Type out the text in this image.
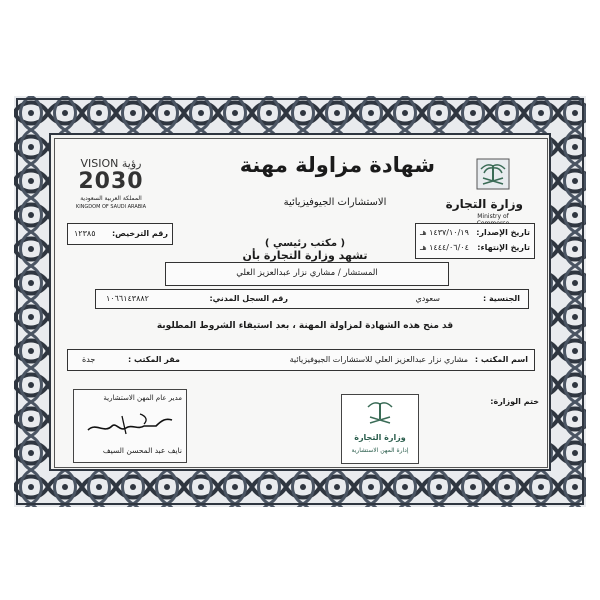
وزارة التجارة
Ministry of
VISION رؤية
2030
المملكة العربية السعودية
KINGDOM OF SAUDI ARABIA
شهادة مزاولة مهنة
الاستشارات الجيوفيزيائية
تاريخ الإصدار:
١٤٣٧/١٠/١٩ هـ
تاريخ الإنتهاء:
١٤٤٤/٠٦/٠٤ هـ
رقم الترخيص:
١٢٣٨٥
( مكتب رئيسي )
تشهد وزارة التجارة بأن
المستشار / مشاري نزار عبدالعزيز العلي
الجنسية :
سعودي
رقم السجل المدني:
١٠٦٦١٤٣٨٨٢
قد منح هذه الشهادة لمزاولة المهنة ، بعد استيفاء الشروط المطلوبة
اسم المكتب :
مشاري نزار عبدالعزيز العلي للاستشارات الجيوفيزيائية
مقر المكتب :
جدة
ختم الوزارة:
وزارة التجارة
إدارة المهن الاستشارية
مدير عام المهن الاستشارية
نايف عبد المحسن السيف
